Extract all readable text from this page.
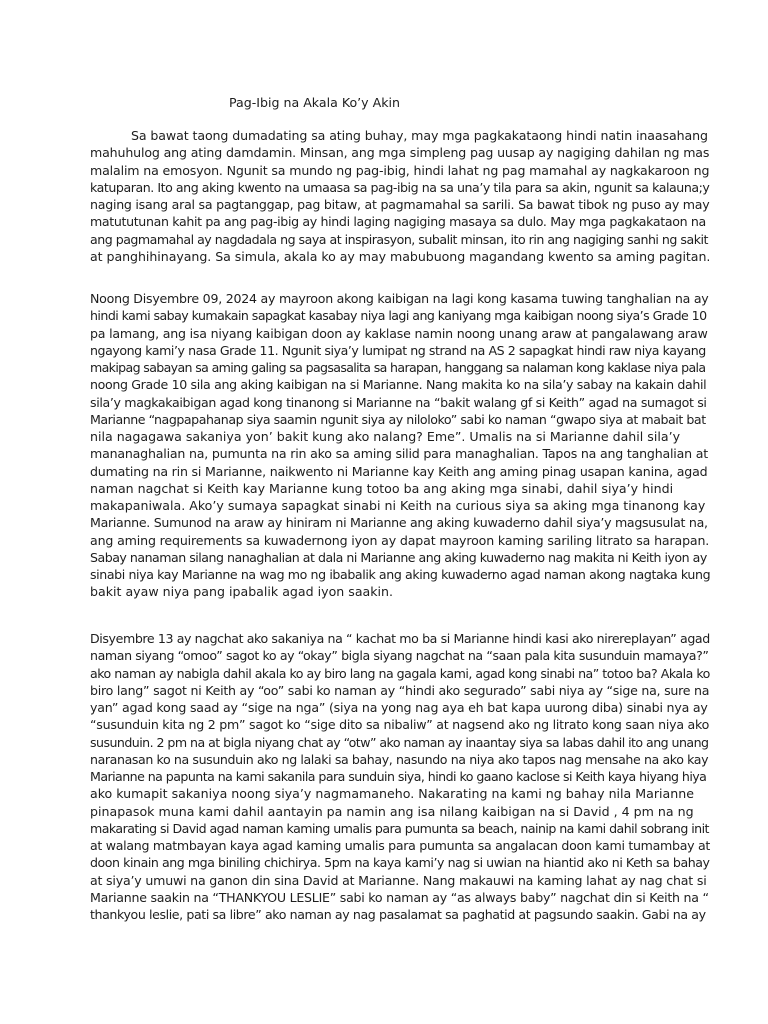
Pag-Ibig na Akala Ko’y Akin
Sa bawat taong dumadating sa ating buhay, may mga pagkakataong hindi natin inaasahang
mahuhulog ang ating damdamin. Minsan, ang mga simpleng pag uusap ay nagiging dahilan ng mas
malalim na emosyon. Ngunit sa mundo ng pag-ibig, hindi lahat ng pag mamahal ay nagkakaroon ng
katuparan. Ito ang aking kwento na umaasa sa pag-ibig na sa una’y tila para sa akin, ngunit sa kalauna;y
naging isang aral sa pagtanggap, pag bitaw, at pagmamahal sa sarili. Sa bawat tibok ng puso ay may
matututunan kahit pa ang pag-ibig ay hindi laging nagiging masaya sa dulo. May mga pagkakataon na
ang pagmamahal ay nagdadala ng saya at inspirasyon, subalit minsan, ito rin ang nagiging sanhi ng sakit
at panghihinayang. Sa simula, akala ko ay may mabubuong magandang kwento sa aming pagitan.
Noong Disyembre 09, 2024 ay mayroon akong kaibigan na lagi kong kasama tuwing tanghalian na ay
hindi kami sabay kumakain sapagkat kasabay niya lagi ang kaniyang mga kaibigan noong siya’s Grade 10
pa lamang, ang isa niyang kaibigan doon ay kaklase namin noong unang araw at pangalawang araw
ngayong kami’y nasa Grade 11. Ngunit siya’y lumipat ng strand na AS 2 sapagkat hindi raw niya kayang
makipag sabayan sa aming galing sa pagsasalita sa harapan, hanggang sa nalaman kong kaklase niya pala
noong Grade 10 sila ang aking kaibigan na si Marianne. Nang makita ko na sila’y sabay na kakain dahil
sila’y magkakaibigan agad kong tinanong si Marianne na “bakit walang gf si Keith” agad na sumagot si
Marianne “nagpapahanap siya saamin ngunit siya ay niloloko” sabi ko naman “gwapo siya at mabait bat
nila nagagawa sakaniya yon’ bakit kung ako nalang? Eme”. Umalis na si Marianne dahil sila’y
mananaghalian na, pumunta na rin ako sa aming silid para managhalian. Tapos na ang tanghalian at
dumating na rin si Marianne, naikwento ni Marianne kay Keith ang aming pinag usapan kanina, agad
naman nagchat si Keith kay Marianne kung totoo ba ang aking mga sinabi, dahil siya’y hindi
makapaniwala. Ako’y sumaya sapagkat sinabi ni Keith na curious siya sa aking mga tinanong kay
Marianne. Sumunod na araw ay hiniram ni Marianne ang aking kuwaderno dahil siya’y magsusulat na,
ang aming requirements sa kuwadernong iyon ay dapat mayroon kaming sariling litrato sa harapan.
Sabay nanaman silang nanaghalian at dala ni Marianne ang aking kuwaderno nag makita ni Keith iyon ay
sinabi niya kay Marianne na wag mo ng ibabalik ang aking kuwaderno agad naman akong nagtaka kung
bakit ayaw niya pang ipabalik agad iyon saakin.
Disyembre 13 ay nagchat ako sakaniya na “ kachat mo ba si Marianne hindi kasi ako nirereplayan” agad
naman siyang “omoo” sagot ko ay “okay” bigla siyang nagchat na “saan pala kita susunduin mamaya?”
ako naman ay nabigla dahil akala ko ay biro lang na gagala kami, agad kong sinabi na” totoo ba? Akala ko
biro lang” sagot ni Keith ay “oo” sabi ko naman ay “hindi ako segurado” sabi niya ay “sige na, sure na
yan” agad kong saad ay “sige na nga” (siya na yong nag aya eh bat kapa uurong diba) sinabi nya ay
“susunduin kita ng 2 pm” sagot ko “sige dito sa nibaliw” at nagsend ako ng litrato kong saan niya ako
susunduin. 2 pm na at bigla niyang chat ay “otw” ako naman ay inaantay siya sa labas dahil ito ang unang
naranasan ko na susunduin ako ng lalaki sa bahay, nasundo na niya ako tapos nag mensahe na ako kay
Marianne na papunta na kami sakanila para sunduin siya, hindi ko gaano kaclose si Keith kaya hiyang hiya
ako kumapit sakaniya noong siya’y nagmamaneho. Nakarating na kami ng bahay nila Marianne
pinapasok muna kami dahil aantayin pa namin ang isa nilang kaibigan na si David , 4 pm na ng
makarating si David agad naman kaming umalis para pumunta sa beach, nainip na kami dahil sobrang init
at walang matmbayan kaya agad kaming umalis para pumunta sa angalacan doon kami tumambay at
doon kinain ang mga biniling chichirya. 5pm na kaya kami’y nag si uwian na hiantid ako ni Keth sa bahay
at siya’y umuwi na ganon din sina David at Marianne. Nang makauwi na kaming lahat ay nag chat si
Marianne saakin na “THANKYOU LESLIE” sabi ko naman ay “as always baby” nagchat din si Keith na “
thankyou leslie, pati sa libre” ako naman ay nag pasalamat sa paghatid at pagsundo saakin. Gabi na ay
